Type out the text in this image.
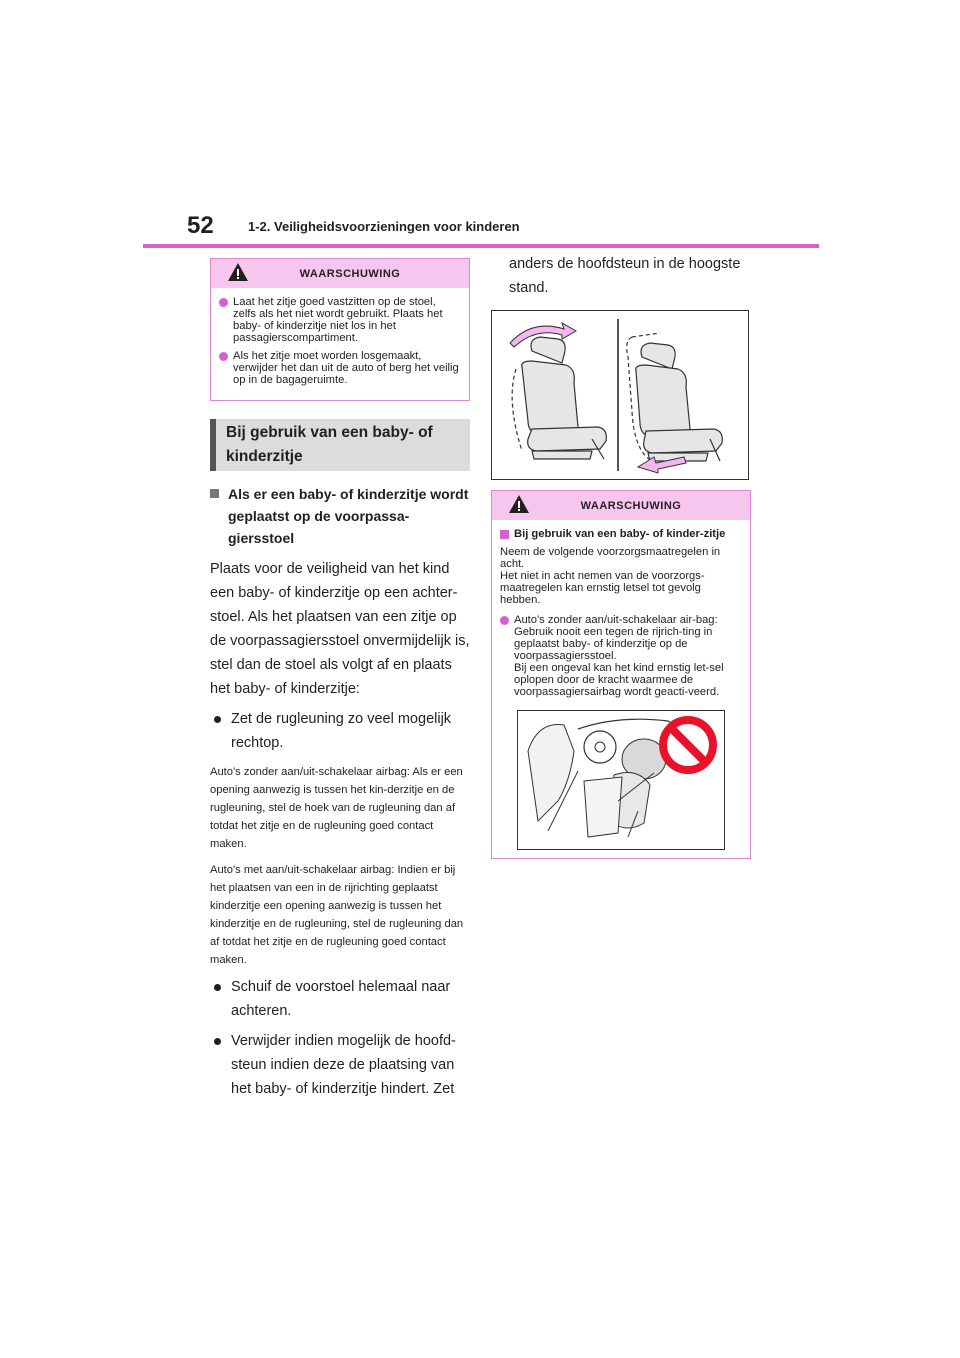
52	1-2. Veiligheidsvoorzieningen voor kinderen
WAARSCHUWING
Laat het zitje goed vastzitten op de stoel, zelfs als het niet wordt gebruikt. Plaats het baby- of kinderzitje niet los in het passagierscompartiment.
Als het zitje moet worden losgemaakt, verwijder het dan uit de auto of berg het veilig op in de bagageruimte.
Bij gebruik van een baby- of kinderzitje
Als er een baby- of kinderzitje wordt geplaatst op de voorpassa-giersstoel
Plaats voor de veiligheid van het kind een baby- of kinderzitje op een achter-stoel. Als het plaatsen van een zitje op de voorpassagiersstoel onvermijdelijk is, stel dan de stoel als volgt af en plaats het baby- of kinderzitje:
Zet de rugleuning zo veel mogelijk rechtop.
Auto's zonder aan/uit-schakelaar airbag: Als er een opening aanwezig is tussen het kin-derzitje en de rugleuning, stel de hoek van de rugleuning dan af totdat het zitje en de rugleuning goed contact maken.
Auto's met aan/uit-schakelaar airbag: Indien er bij het plaatsen van een in de rijrichting geplaatst kinderzitje een opening aanwezig is tussen het kinderzitje en de rugleuning, stel de rugleuning dan af totdat het zitje en de rugleuning goed contact maken.
Schuif de voorstoel helemaal naar achteren.
Verwijder indien mogelijk de hoofd-steun indien deze de plaatsing van het baby- of kinderzitje hindert. Zet
anders de hoofdsteun in de hoogste stand.
WAARSCHUWING
Bij gebruik van een baby- of kinder-zitje
Neem de volgende voorzorgsmaatregelen in acht.
Het niet in acht nemen van de voorzorgs-maatregelen kan ernstig letsel tot gevolg hebben.
Auto's zonder aan/uit-schakelaar air-bag: Gebruik nooit een tegen de rijrich-ting in geplaatst baby- of kinderzitje op de voorpassagiersstoel.
Bij een ongeval kan het kind ernstig let-sel oplopen door de kracht waarmee de voorpassagiersairbag wordt geacti-veerd.
